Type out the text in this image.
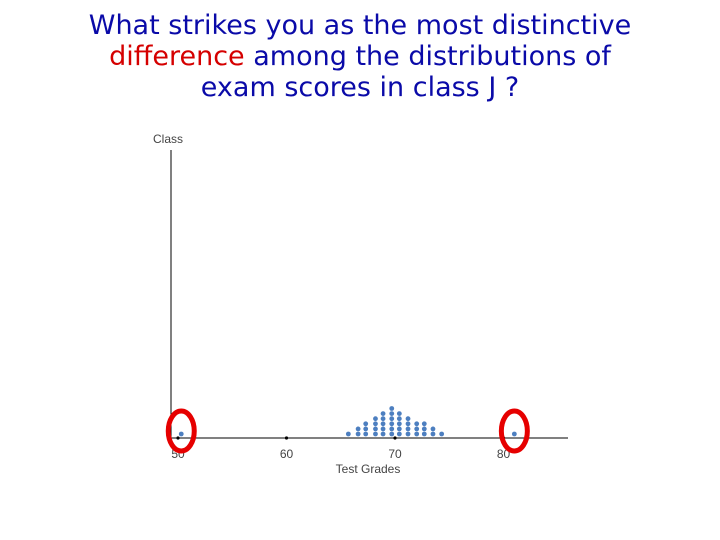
What strikes you as the most distinctive
difference among the distributions of
exam scores in class J ?
Class
50	60	70	80
Test Grades
